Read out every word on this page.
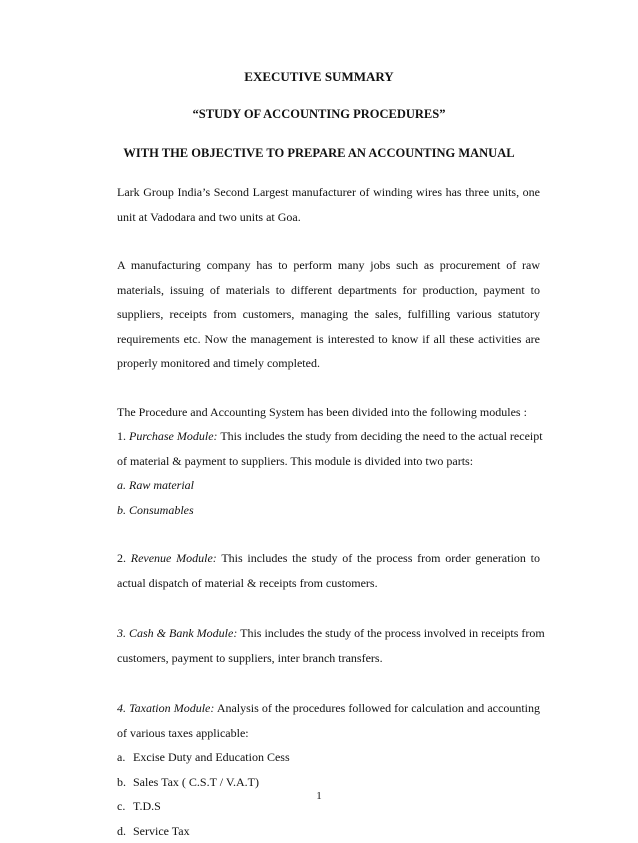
EXECUTIVE SUMMARY
“STUDY OF ACCOUNTING PROCEDURES”
WITH THE OBJECTIVE TO PREPARE AN ACCOUNTING MANUAL

Lark Group India’s Second Largest manufacturer of winding wires has three units, one
unit at Vadodara and two units at Goa.

A manufacturing company has to perform many jobs such as procurement of raw
materials, issuing of materials to different departments for production, payment to
suppliers, receipts from customers, managing the sales, fulfilling various statutory
requirements etc. Now the management is interested to know if all these activities are
properly monitored and timely completed.

The Procedure and Accounting System has been divided into the following modules :

1. Purchase Module: This includes the study from deciding the need to the actual receipt
of material & payment to suppliers. This module is divided into two parts:
a. Raw material
b. Consumables

2. Revenue Module: This includes the study of the process from order generation to
actual dispatch of material & receipts from customers.

3. Cash & Bank Module: This includes the study of the process involved in receipts from
customers, payment to suppliers, inter branch transfers.

4. Taxation Module: Analysis of the procedures followed for calculation and accounting
of various taxes applicable:
a. Excise Duty and Education Cess
b. Sales Tax ( C.S.T / V.A.T)
c. T.D.S
d. Service Tax

1
